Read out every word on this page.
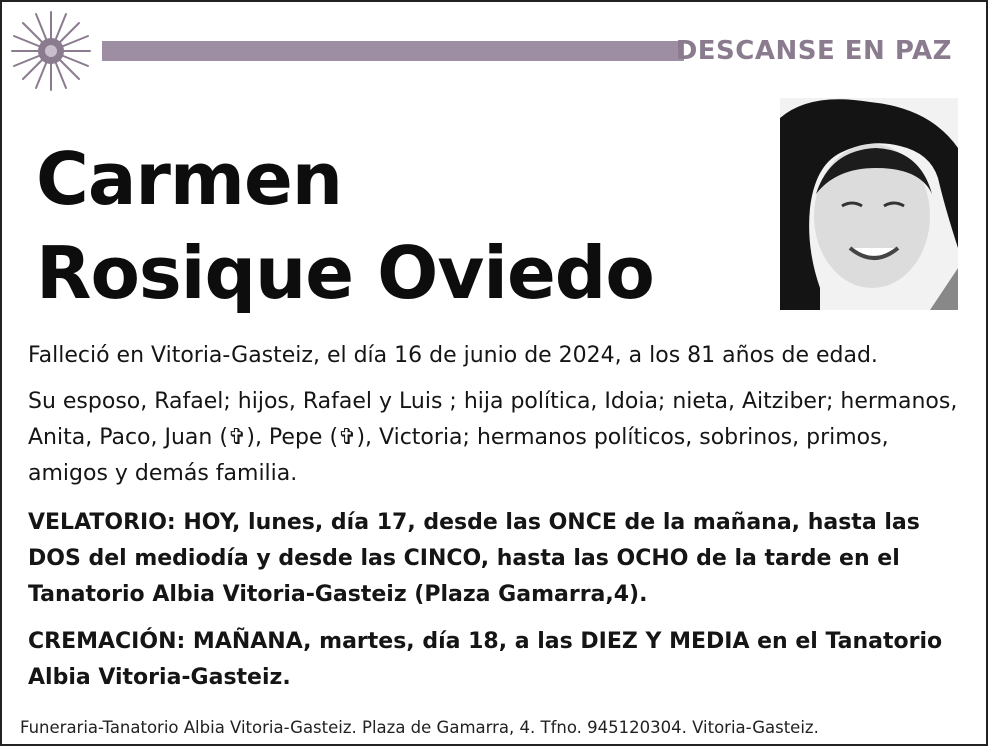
DESCANSE EN PAZ
Carmen
Rosique Oviedo
Falleció en Vitoria-Gasteiz, el día 16 de junio de 2024, a los 81 años de edad.
Su esposo, Rafael; hijos, Rafael y Luis ; hija política, Idoia; nieta, Aitziber; hermanos, Anita, Paco, Juan (✞), Pepe (✞), Victoria; hermanos políticos, sobrinos, primos, amigos y demás familia.
VELATORIO: HOY, lunes, día 17, desde las ONCE de la mañana, hasta las DOS del mediodía y desde las CINCO, hasta las OCHO de la tarde en el Tanatorio Albia Vitoria-Gasteiz (Plaza Gamarra,4).
CREMACIÓN: MAÑANA, martes, día 18, a las DIEZ Y MEDIA en el Tanatorio Albia Vitoria-Gasteiz.
Funeraria-Tanatorio Albia Vitoria-Gasteiz. Plaza de Gamarra, 4. Tfno. 945120304. Vitoria-Gasteiz.
